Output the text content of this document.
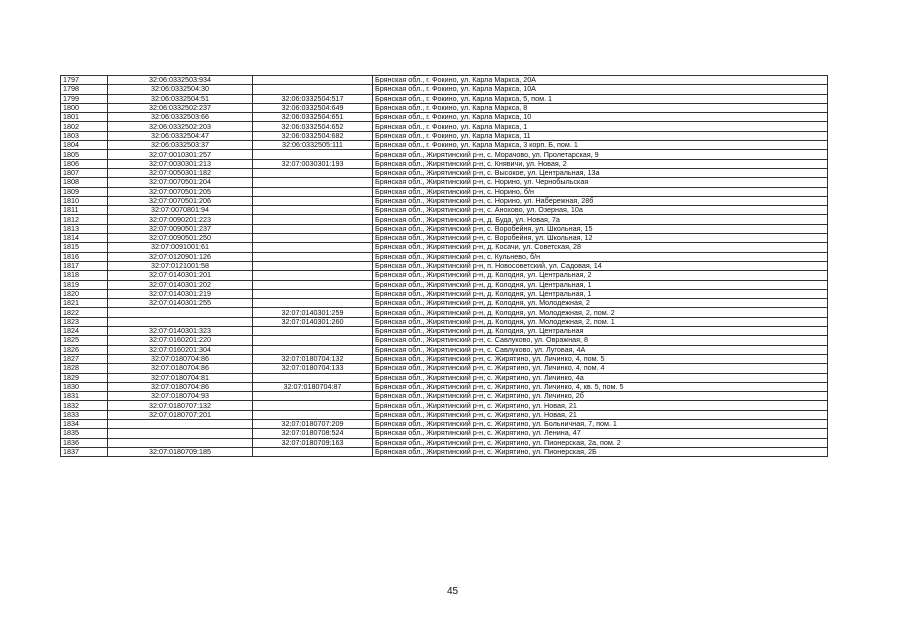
1797	32:06:0332503:934		Брянская обл., г. Фокино, ул. Карла Маркса, 20А
1798	32:06:0332504:30		Брянская обл., г. Фокино, ул. Карла Маркса, 10А
1799	32:06:0332504:51	32:06:0332504:517	Брянская обл., г. Фокино, ул. Карла Маркса, 5, пом. 1
1800	32:06:0332502:237	32:06:0332504:649	Брянская обл., г. Фокино, ул. Карла Маркса, 8
1801	32:06:0332503:66	32:06:0332504:651	Брянская обл., г. Фокино, ул. Карла Маркса, 10
1802	32:06:0332502:203	32:06:0332504:652	Брянская обл., г. Фокино, ул. Карла Маркса, 1
1803	32:06:0332504:47	32:06:0332504:682	Брянская обл., г. Фокино, ул. Карла Маркса, 11
1804	32:06:0332503:37	32:06:0332505:111	Брянская обл., г. Фокино, ул. Карла Маркса, 3 корп. Б, пом. 1
1805	32:07:0010301:257		Брянская обл., Жирятинский р-н, с. Морачово, ул. Пролетарская, 9
1806	32:07:0030301:213	32:07:0030301:193	Брянская обл., Жирятинский р-н, с. Княвичи, ул. Новая, 2
1807	32:07:0050301:182		Брянская обл., Жирятинский р-н, с. Высокое, ул. Центральная, 13а
1808	32:07:0070501:204		Брянская обл., Жирятинский р-н, с. Норино, ул. Чернобыльская
1809	32:07:0070501:205		Брянская обл., Жирятинский р-н, с. Норино, б/н
1810	32:07:0070501:206		Брянская обл., Жирятинский р-н, с. Норино, ул. Набережная, 28б
1811	32:07:0070801:94		Брянская обл., Жирятинский р-н, с. Анохово, ул. Озерная, 10а
1812	32:07:0090201:223		Брянская обл., Жирятинский р-н, д. Буда, ул. Новая, 7а
1813	32:07:0090501:237		Брянская обл., Жирятинский р-н, с. Воробейня, ул. Школьная, 15
1814	32:07:0090501:250		Брянская обл., Жирятинский р-н, с. Воробейня, ул. Школьная, 12
1815	32:07:0091001:61		Брянская обл., Жирятинский р-н, д. Косачи, ул. Советская, 28
1816	32:07:0120901:126		Брянская обл., Жирятинский р-н, с. Кульнево, б/н
1817	32:07:0121001:58		Брянская обл., Жирятинский р-н, п. Новосоветский, ул. Садовая, 14
1818	32:07:0140301:201		Брянская обл., Жирятинский р-н, д. Колодня, ул. Центральная, 2
1819	32:07:0140301:202		Брянская обл., Жирятинский р-н, д. Колодня, ул. Центральная, 1
1820	32:07:0140301:219		Брянская обл., Жирятинский р-н, д. Колодня, ул. Центральная, 1
1821	32:07:0140301:255		Брянская обл., Жирятинский р-н, д. Колодня, ул. Молодежная, 2
1822		32:07:0140301:259	Брянская обл., Жирятинский р-н, д. Колодня, ул. Молодежная, 2, пом. 2
1823		32:07:0140301:260	Брянская обл., Жирятинский р-н, д. Колодня, ул. Молодежная, 2, пом. 1
1824	32:07:0140301:323		Брянская обл., Жирятинский р-н, д. Колодня, ул. Центральная
1825	32:07:0160201:220		Брянская обл., Жирятинский р-н, с. Савлуково, ул. Овражная, 8
1826	32:07:0160201:304		Брянская обл., Жирятинский р-н, с. Савлуково, ул. Луговая, 4А
1827	32:07:0180704:86	32:07:0180704:132	Брянская обл., Жирятинский р-н, с. Жирятино, ул. Личинко, 4, пом. 5
1828	32:07:0180704:86	32:07:0180704:133	Брянская обл., Жирятинский р-н, с. Жирятино, ул. Личинко, 4, пом. 4
1829	32:07:0180704:81		Брянская обл., Жирятинский р-н, с. Жирятино, ул. Личинко, 4а
1830	32:07:0180704:86	32:07:0180704:87	Брянская обл., Жирятинский р-н, с. Жирятино, ул. Личинко, 4, кв. 5, пом. 5
1831	32:07:0180704:93		Брянская обл., Жирятинский р-н, с. Жирятино, ул. Личинко, 2б
1832	32:07:0180707:132		Брянская обл., Жирятинский р-н, с. Жирятино, ул. Новая, 21
1833	32:07:0180707:201		Брянская обл., Жирятинский р-н, с. Жирятино, ул. Новая, 21
1834		32:07:0180707:209	Брянская обл., Жирятинский р-н, с. Жирятино, ул. Больничная, 7, пом. 1
1835		32:07:0180708:524	Брянская обл., Жирятинский р-н, с. Жирятино, ул. Ленина, 47
1836		32:07:0180709:163	Брянская обл., Жирятинский р-н, с. Жирятино, ул. Пионерская, 2а, пом. 2
1837	32:07:0180709:185		Брянская обл., Жирятинский р-н, с. Жирятино, ул. Пионерская, 2Б
45
